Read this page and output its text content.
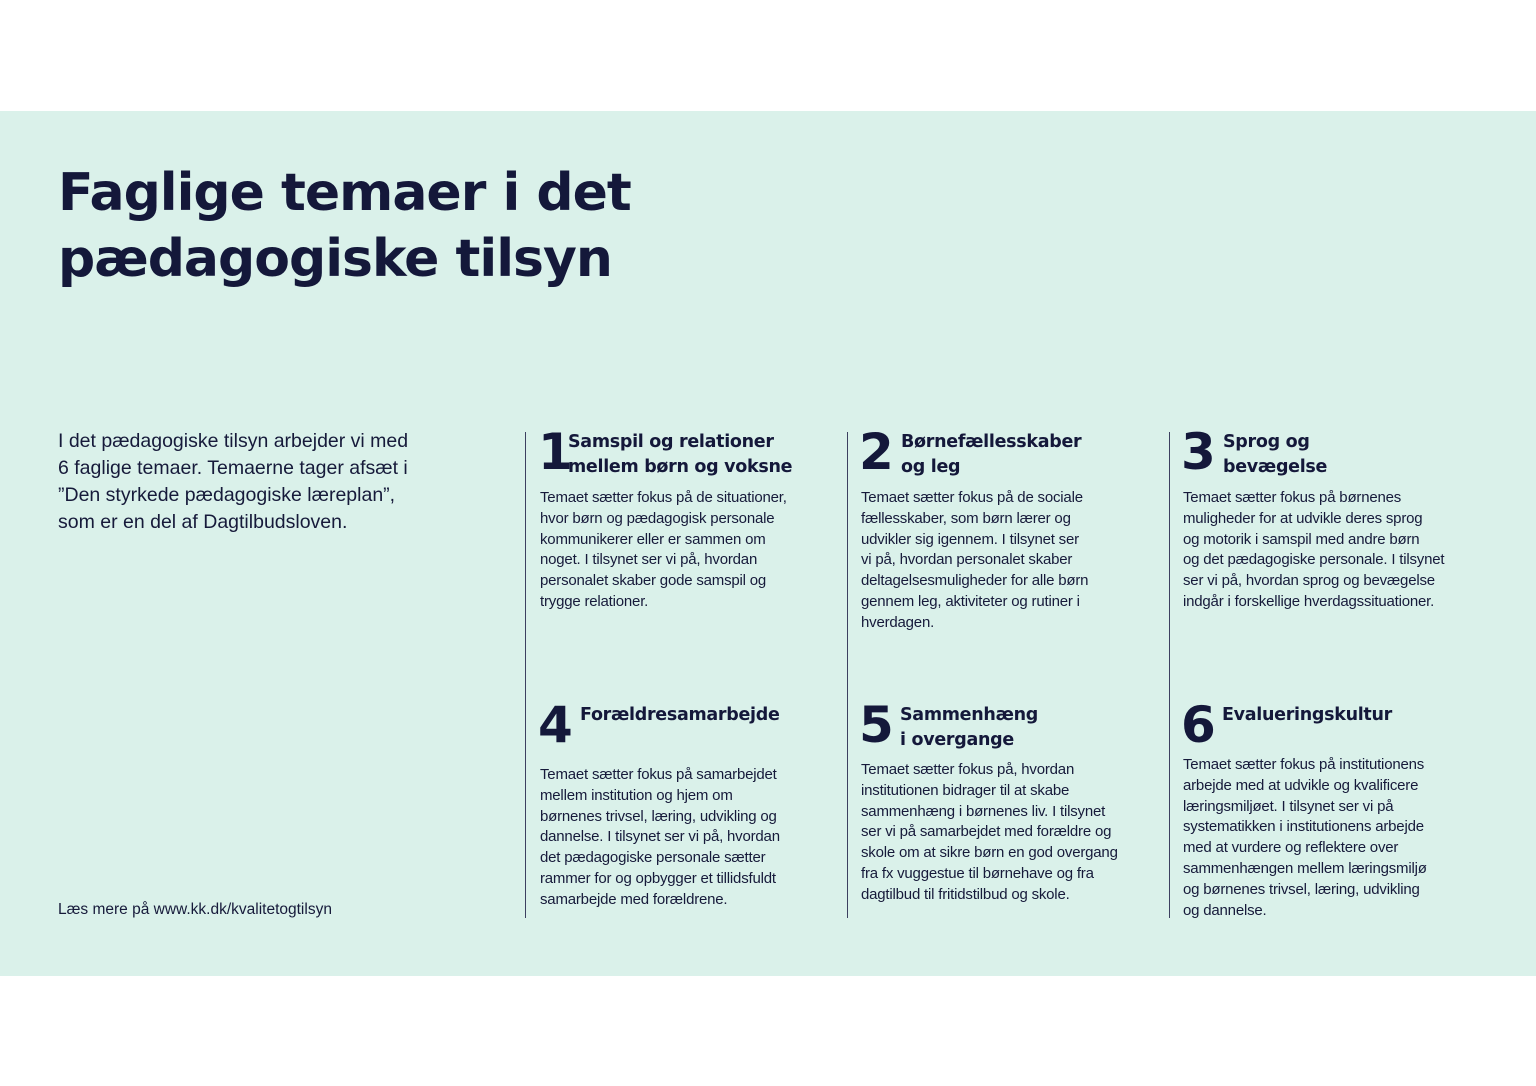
Faglige temaer i det
pædagogiske tilsyn

I det pædagogiske tilsyn arbejder vi med
6 faglige temaer. Temaerne tager afsæt i
”Den styrkede pædagogiske læreplan”,
som er en del af Dagtilbudsloven.

Læs mere på www.kk.dk/kvalitetogtilsyn
1
Samspil og relationer
mellem børn og voksne

Temaet sætter fokus på de situationer,
hvor børn og pædagogisk personale
kommunikerer eller er sammen om
noget. I tilsynet ser vi på, hvordan
personalet skaber gode samspil og
trygge relationer.

2 Børnefællesskaber
og leg

Temaet sætter fokus på de sociale
fællesskaber, som børn lærer og
udvikler sig igennem. I tilsynet ser
vi på, hvordan personalet skaber
deltagelsesmuligheder for alle børn
gennem leg, aktiviteter og rutiner i
hverdagen.

3 Sprog og
bevægelse

Temaet sætter fokus på børnenes
muligheder for at udvikle deres sprog
og motorik i samspil med andre børn
og det pædagogiske personale. I tilsynet
ser vi på, hvordan sprog og bevægelse
indgår i forskellige hverdagssituationer.

4 Forældresamarbejde

Temaet sætter fokus på samarbejdet
mellem institution og hjem om
børnenes trivsel, læring, udvikling og
dannelse. I tilsynet ser vi på, hvordan
det pædagogiske personale sætter
rammer for og opbygger et tillidsfuldt
samarbejde med forældrene.

5 Sammenhæng
i overgange

Temaet sætter fokus på, hvordan
institutionen bidrager til at skabe
sammenhæng i børnenes liv. I tilsynet
ser vi på samarbejdet med forældre og
skole om at sikre børn en god overgang
fra fx vuggestue til børnehave og fra
dagtilbud til fritidstilbud og skole.

6 Evalueringskultur

Temaet sætter fokus på institutionens
arbejde med at udvikle og kvalificere
læringsmiljøet. I tilsynet ser vi på
systematikken i institutionens arbejde
med at vurdere og reflektere over
sammenhængen mellem læringsmiljø
og børnenes trivsel, læring, udvikling
og dannelse.
